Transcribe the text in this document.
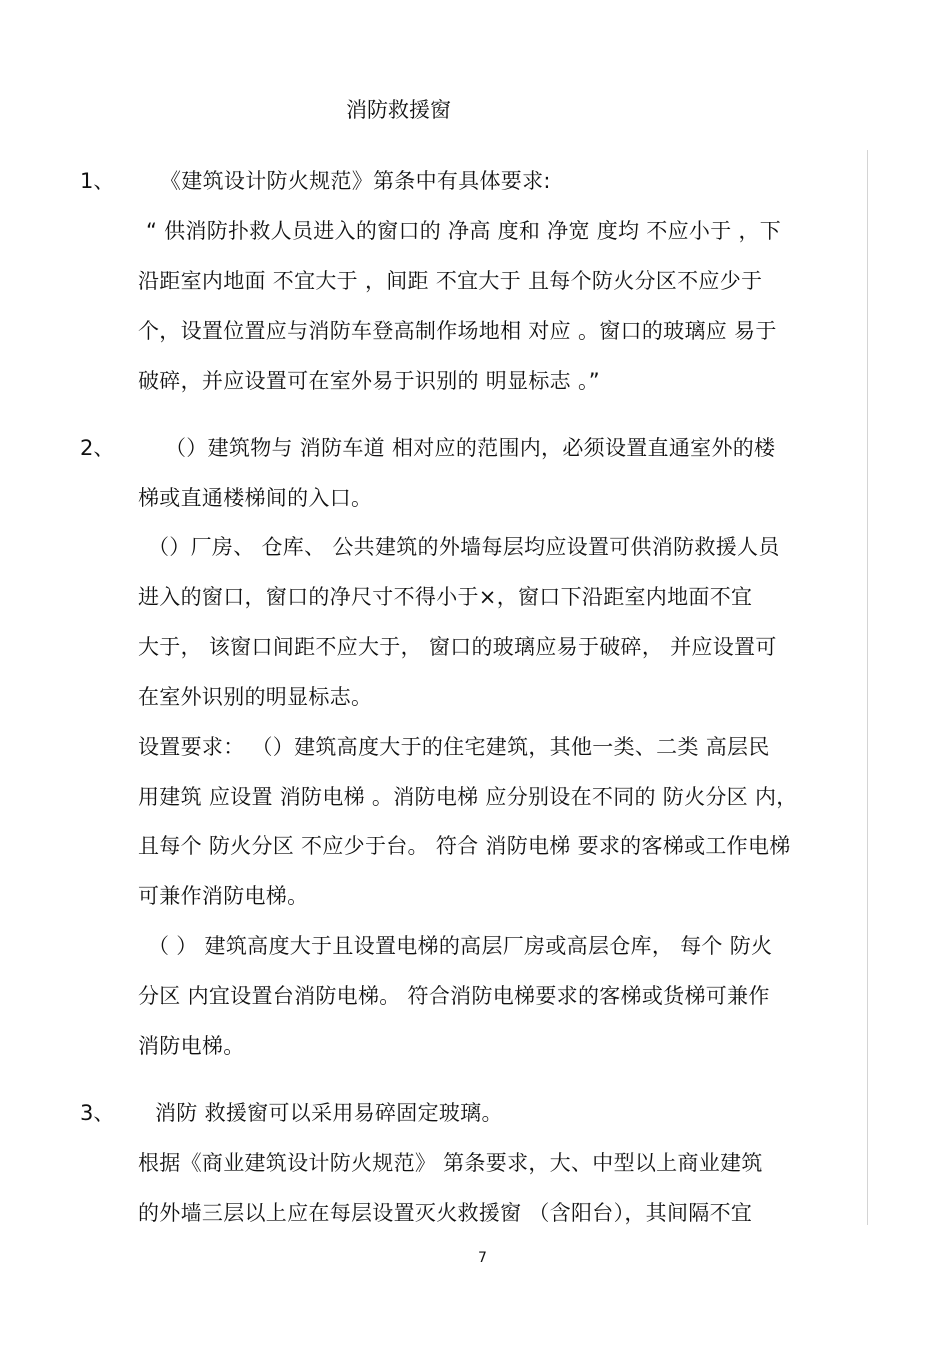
消防救援窗
1、 《建筑设计防火规范》第条中有具体要求:
“ 供消防扑救人员进入的窗口的 净高 度和 净宽 度均 不应小于 ，下
沿距室内地面 不宜大于 ，间距 不宜大于 且每个防火分区不应少于
个，设置位置应与消防车登高制作场地相 对应 。窗口的玻璃应 易于
破碎，并应设置可在室外易于识别的 明显标志 。”
2、 （）建筑物与 消防车道 相对应的范围内，必须设置直通室外的楼
梯或直通楼梯间的入口。
（）厂房、 仓库、 公共建筑的外墙每层均应设置可供消防救援人员
进入的窗口，窗口的净尺寸不得小于×，窗口下沿距室内地面不宜
大于， 该窗口间距不应大于， 窗口的玻璃应易于破碎， 并应设置可
在室外识别的明显标志。
设置要求： （）建筑高度大于的住宅建筑，其他一类、二类 高层民
用建筑 应设置 消防电梯 。消防电梯 应分别设在不同的 防火分区 内，
且每个 防火分区 不应少于台。 符合 消防电梯 要求的客梯或工作电梯
可兼作消防电梯。
（ ） 建筑高度大于且设置电梯的高层厂房或高层仓库， 每个 防火
分区 内宜设置台消防电梯。 符合消防电梯要求的客梯或货梯可兼作
消防电梯。
3、 消防 救援窗可以采用易碎固定玻璃。
根据《商业建筑设计防火规范》 第条要求，大、中型以上商业建筑
的外墙三层以上应在每层设置灭火救援窗 （含阳台），其间隔不宜
7
